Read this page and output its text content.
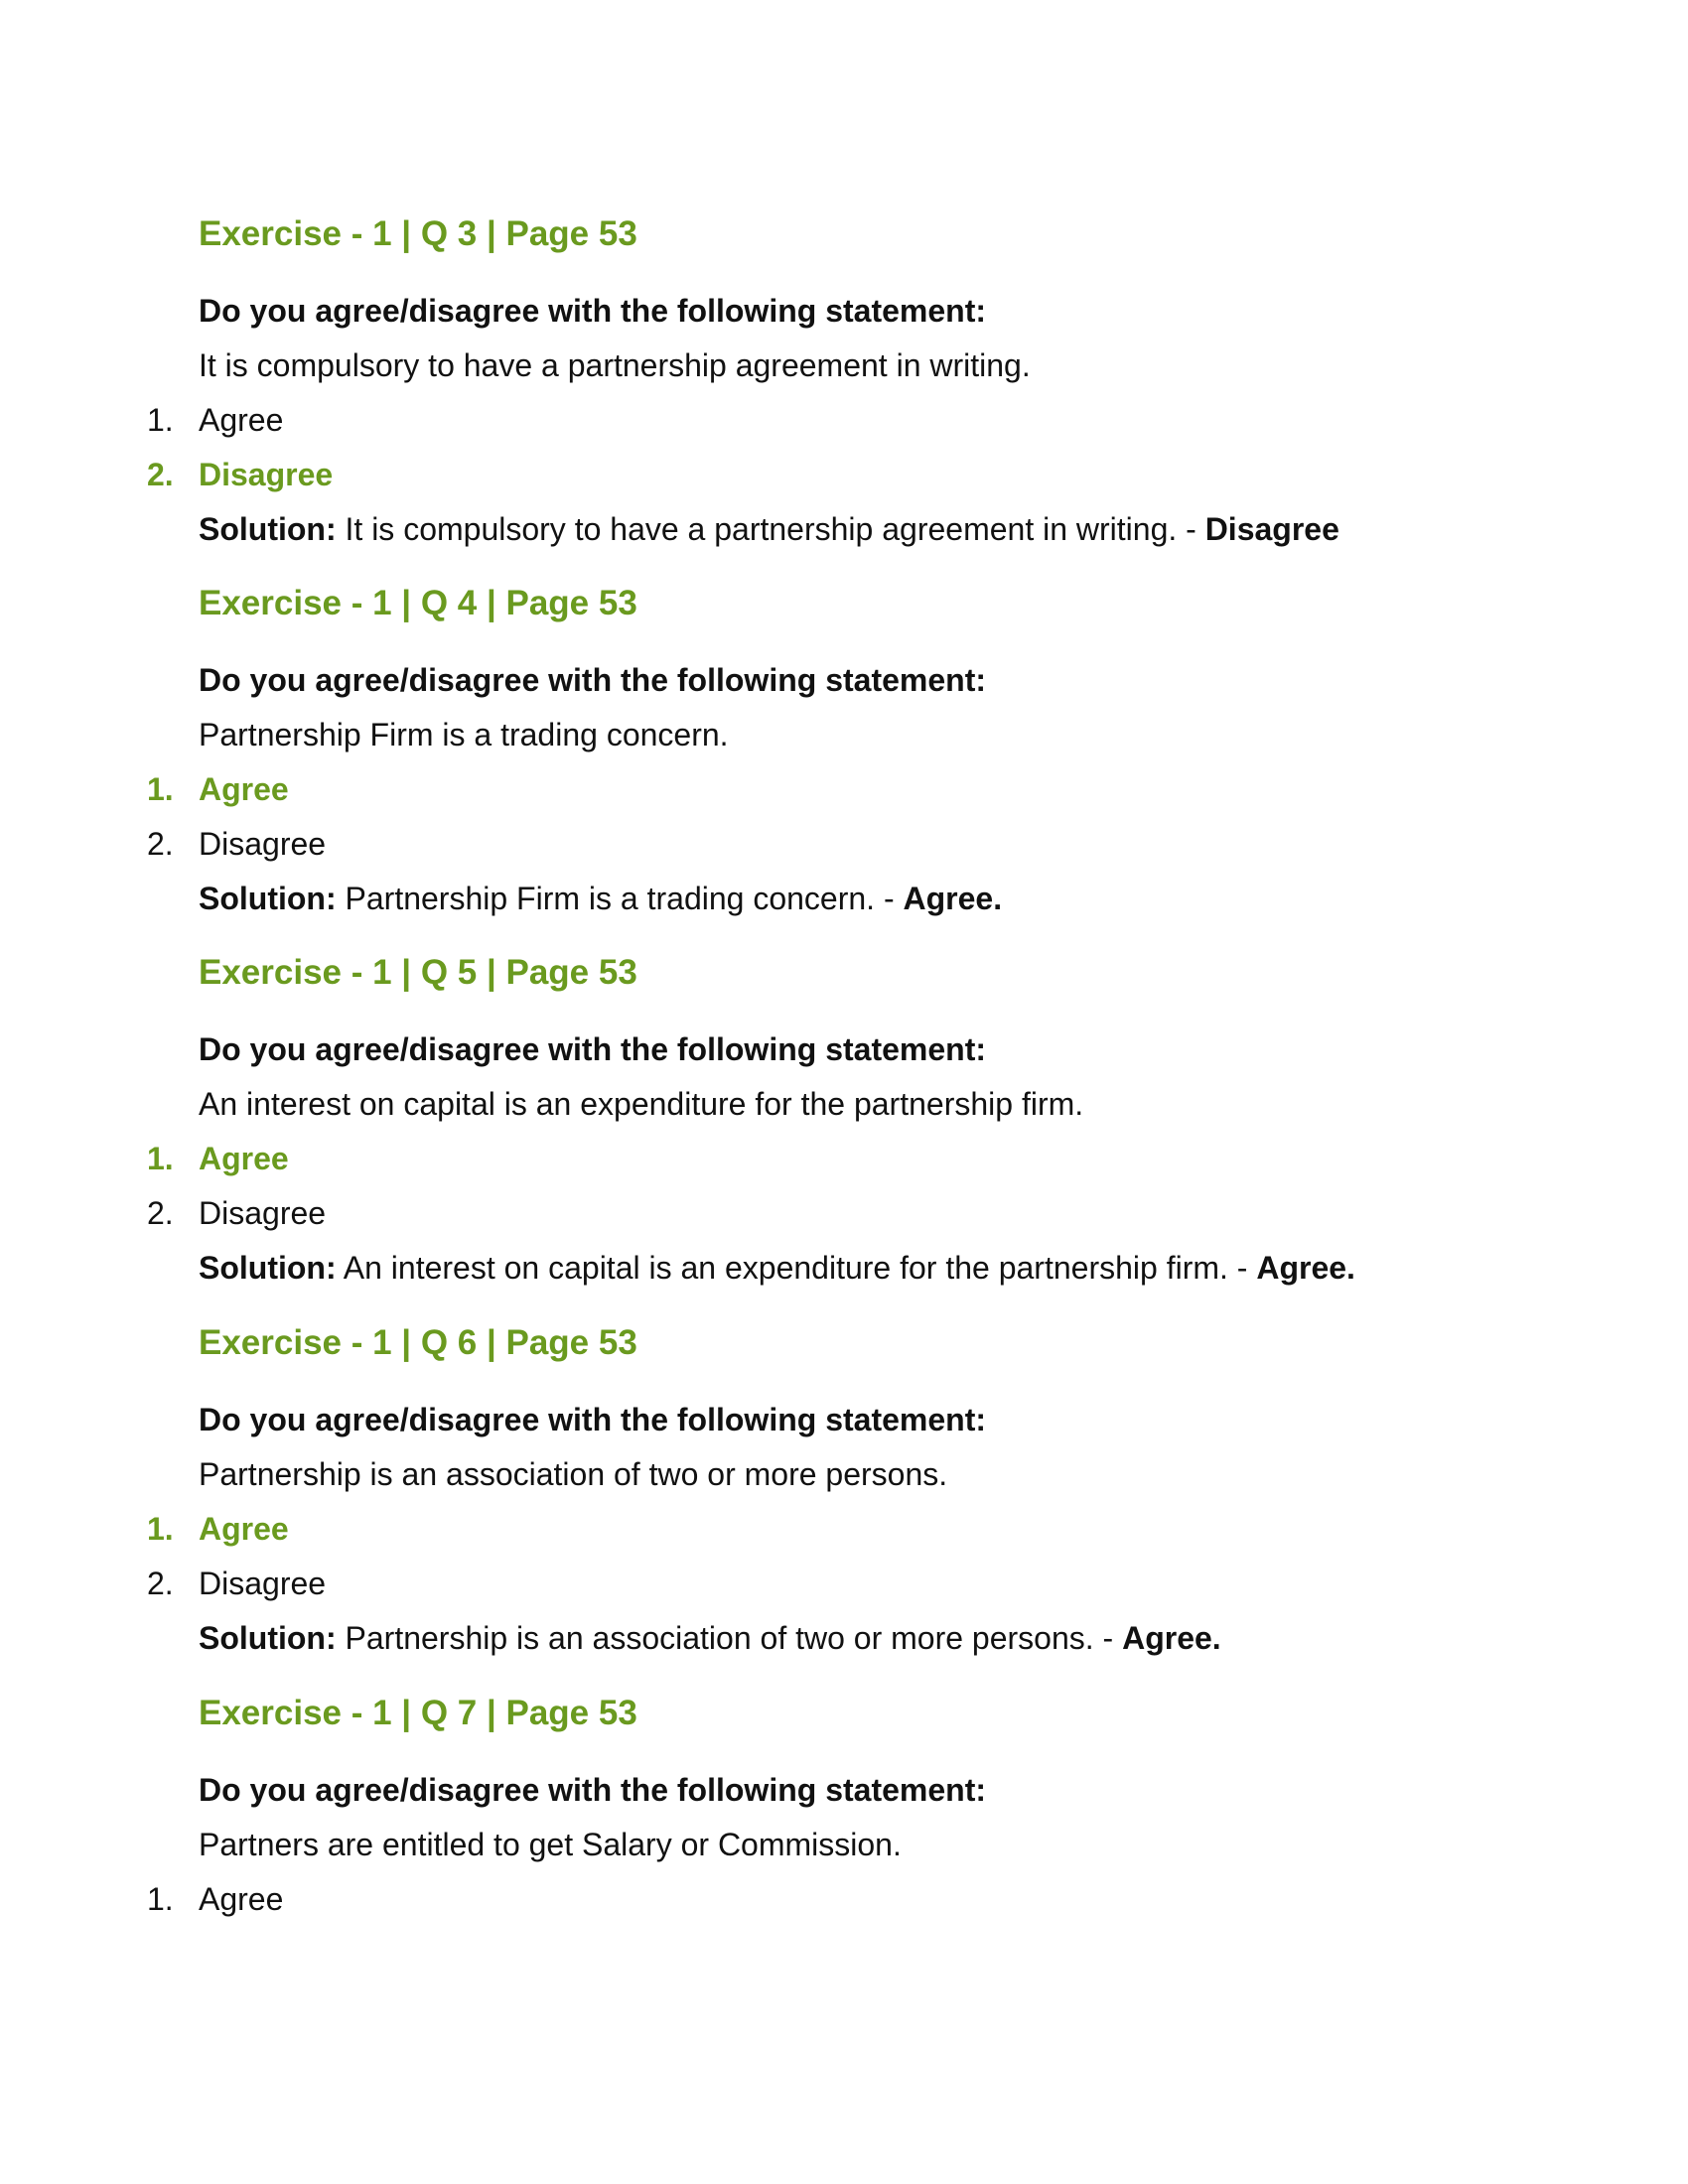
Exercise - 1 | Q 3 | Page 53
Do you agree/disagree with the following statement:
It is compulsory to have a partnership agreement in writing.
1. Agree
2. Disagree
Solution: It is compulsory to have a partnership agreement in writing. - Disagree
Exercise - 1 | Q 4 | Page 53
Do you agree/disagree with the following statement:
Partnership Firm is a trading concern.
1. Agree
2. Disagree
Solution: Partnership Firm is a trading concern. - Agree.
Exercise - 1 | Q 5 | Page 53
Do you agree/disagree with the following statement:
An interest on capital is an expenditure for the partnership firm.
1. Agree
2. Disagree
Solution: An interest on capital is an expenditure for the partnership firm. - Agree.
Exercise - 1 | Q 6 | Page 53
Do you agree/disagree with the following statement:
Partnership is an association of two or more persons.
1. Agree
2. Disagree
Solution: Partnership is an association of two or more persons. - Agree.
Exercise - 1 | Q 7 | Page 53
Do you agree/disagree with the following statement:
Partners are entitled to get Salary or Commission.
1. Agree
